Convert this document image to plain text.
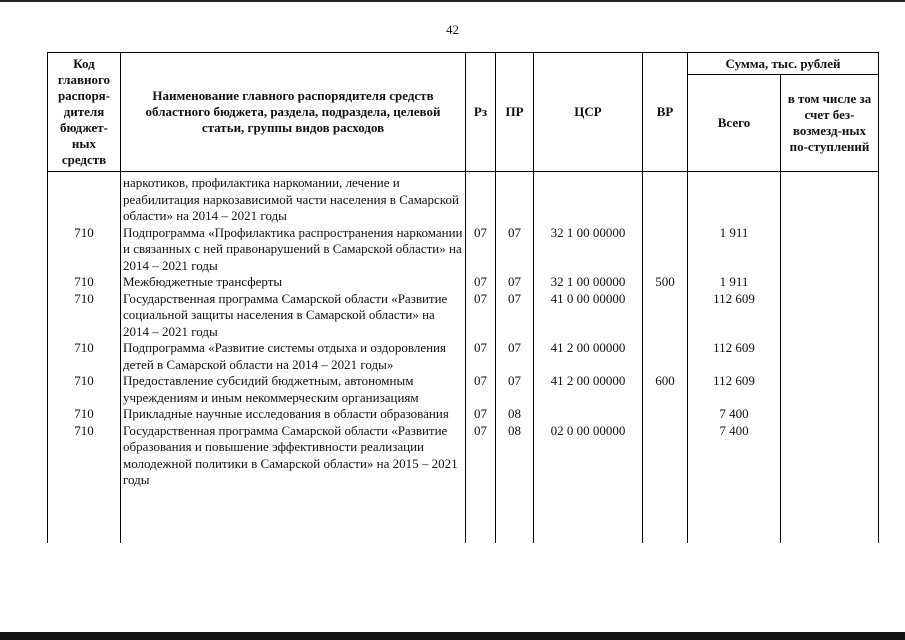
42
Код главного распоря-дителя бюджет-ных средств	Наименование главного распорядителя средств областного бюджета, раздела, подраздела, целевой статьи, группы видов расходов	Рз	ПР	ЦСР	ВР	Сумма, тыс. рублей	
						Всего	в том числе за счет без-возмезд-ных по-ступлений
	наркотиков, профилактика наркомании, лечение и реабилитация наркозависимой части населения в Самарской области» на 2014 – 2021 годы						
710	Подпрограмма «Профилактика распространения наркомании и связанных с ней правонарушений в Самарской области» на 2014 – 2021 годы	07	07	32 1 00 00000		1 911	
710	Межбюджетные трансферты	07	07	32 1 00 00000	500	1 911	
710	Государственная программа Самарской области «Развитие социальной защиты населения в Самарской области» на 2014 – 2021 годы	07	07	41 0 00 00000		112 609	
710	Подпрограмма «Развитие системы отдыха и оздоровления детей в Самарской области на 2014 – 2021 годы»	07	07	41 2 00 00000		112 609	
710	Предоставление субсидий бюджетным, автономным учреждениям и иным некоммерческим организациям	07	07	41 2 00 00000	600	112 609	
710	Прикладные научные исследования в области образования	07	08			7 400	
710	Государственная программа Самарской области «Развитие образования и повышение эффективности реализации молодежной политики в Самарской области» на 2015 – 2021 годы	07	08	02 0 00 00000		7 400	
